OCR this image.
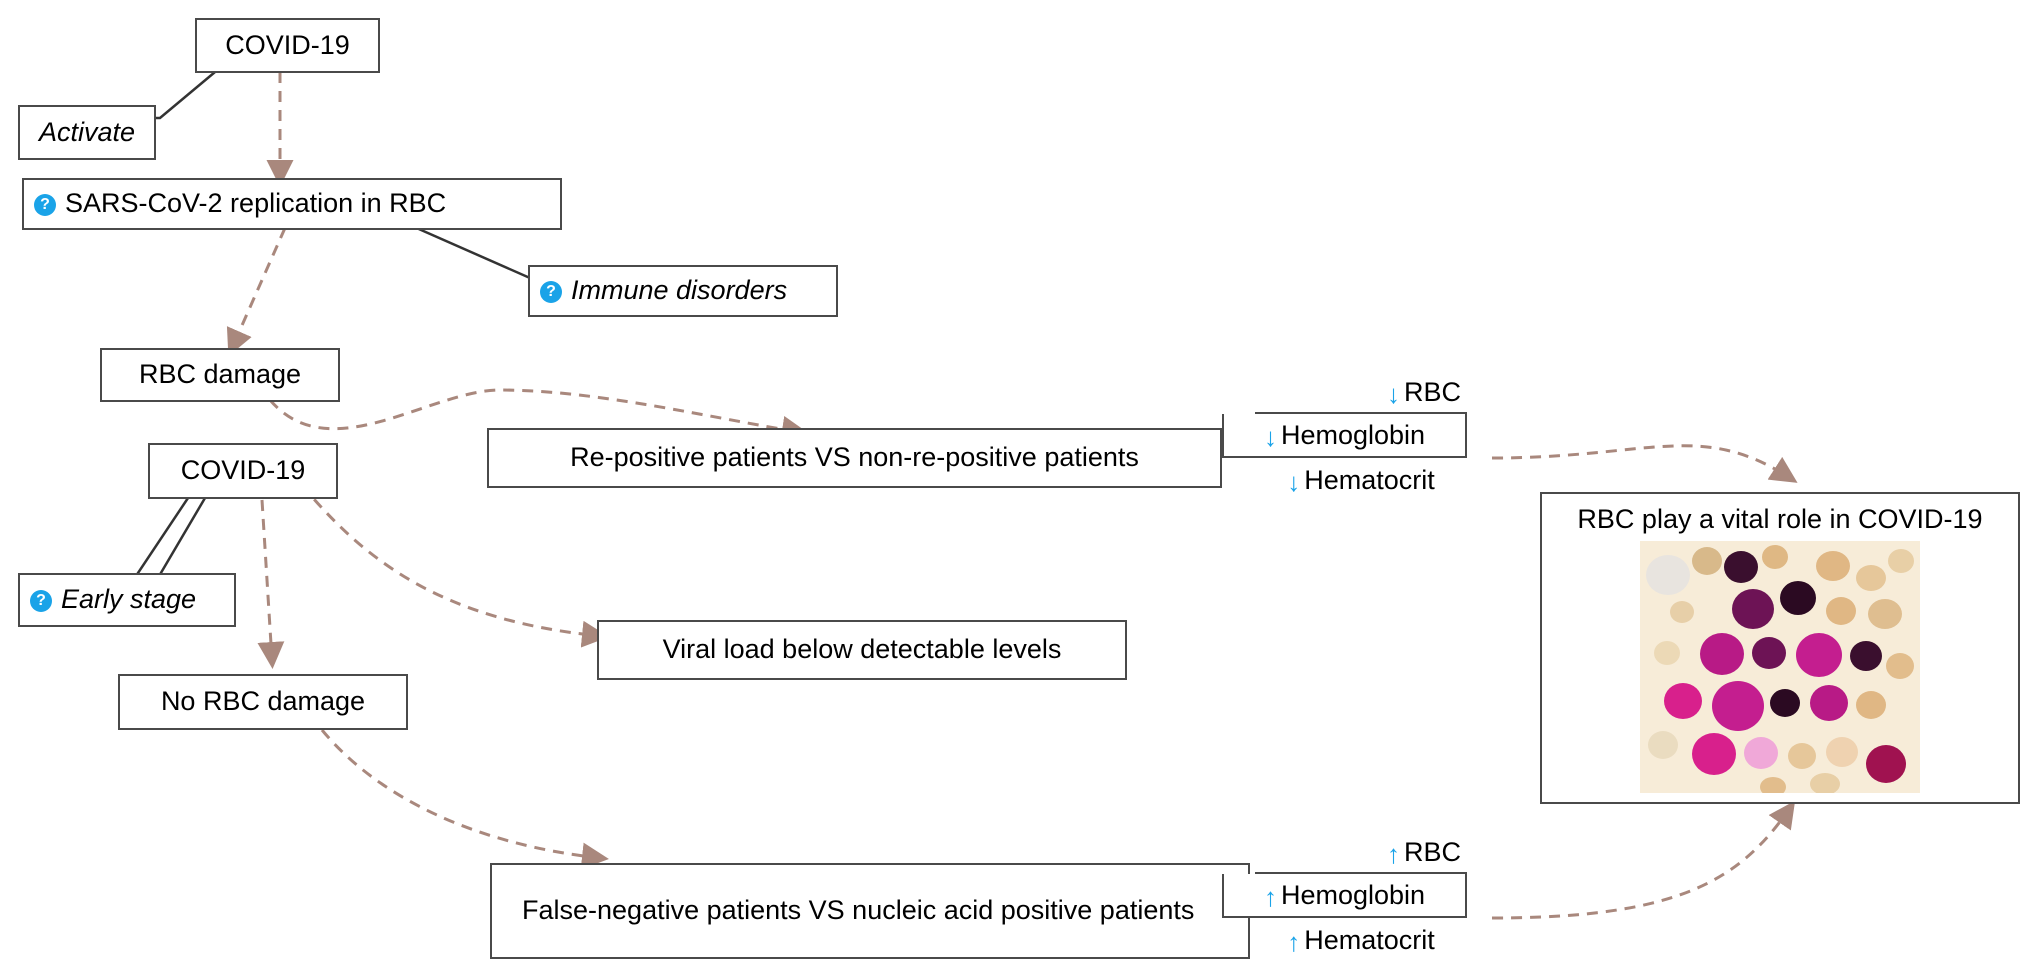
COVID-19
Activate
? SARS-CoV-2 replication in RBC
? Immune disorders
RBC damage
COVID-19
? Early stage
No RBC damage
Re-positive patients VS non-re-positive patients
↓ RBC
↓ Hemoglobin
↓ Hematocrit
Viral load below detectable levels
False-negative patients VS nucleic acid positive patients
↑ RBC
↑ Hemoglobin
↑ Hematocrit
RBC play a vital role in COVID-19
